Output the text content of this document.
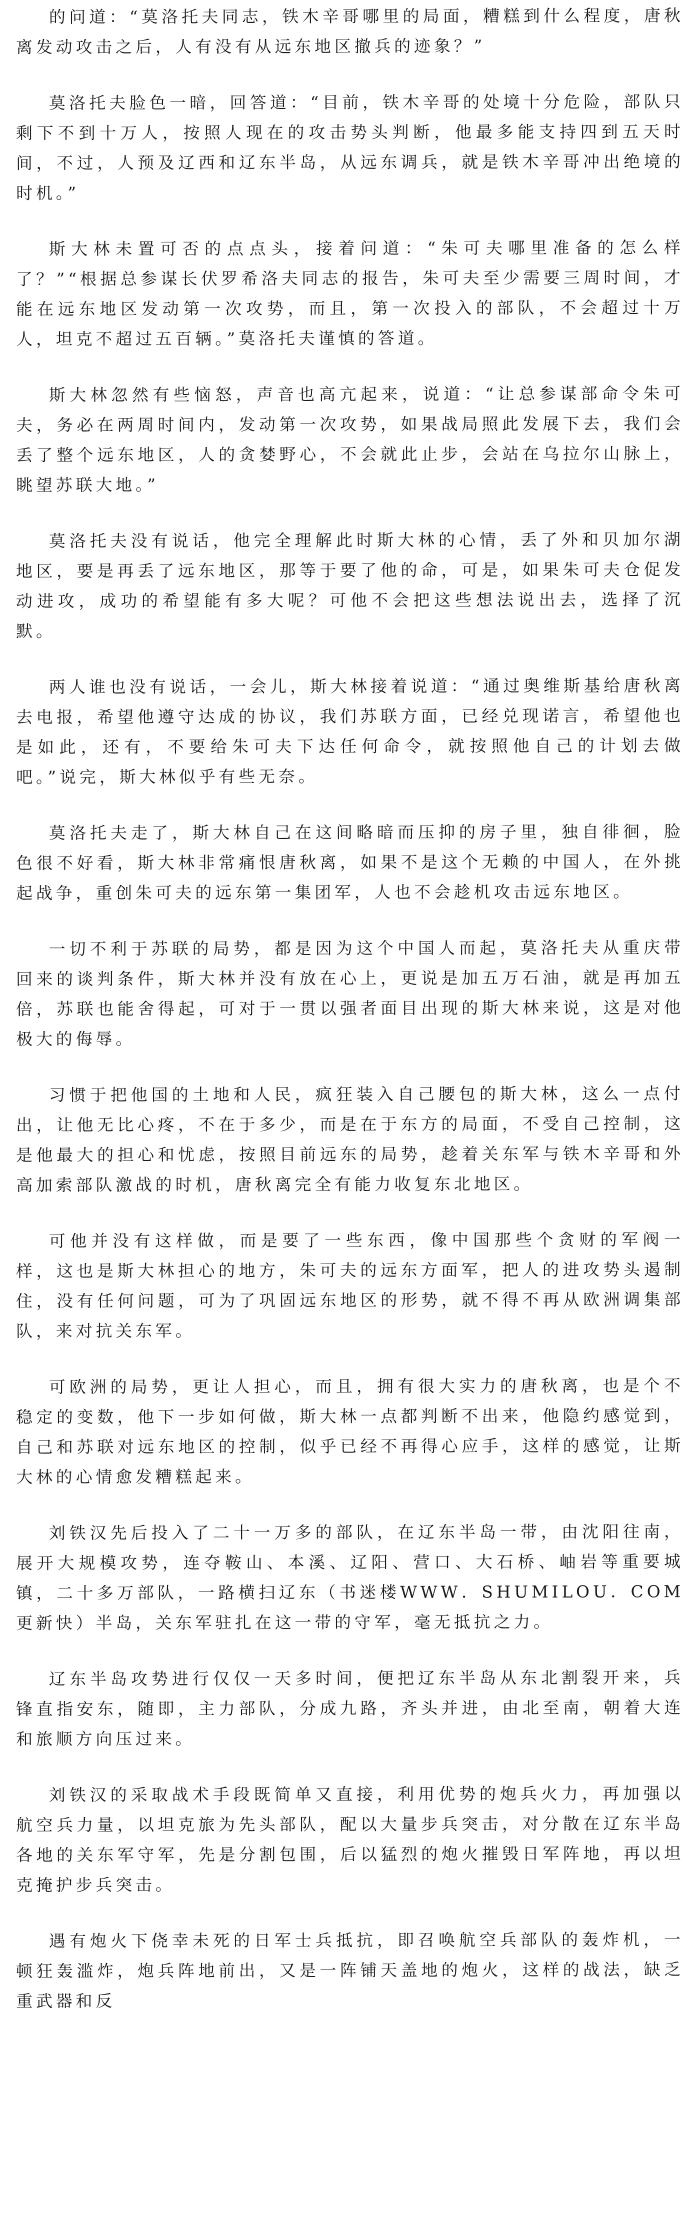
的问道：“莫洛托夫同志，铁木辛哥哪里的局面，糟糕到什么程度，唐秋离发动攻击之后，人有没有从远东地区撤兵的迹象？”

莫洛托夫脸色一暗，回答道：“目前，铁木辛哥的处境十分危险，部队只剩下不到十万人，按照人现在的攻击势头判断，他最多能支持四到五天时间，不过，人预及辽西和辽东半岛，从远东调兵，就是铁木辛哥冲出绝境的时机。”

斯大林未置可否的点点头，接着问道：“朱可夫哪里准备的怎么样了？”“根据总参谋长伏罗希洛夫同志的报告，朱可夫至少需要三周时间，才能在远东地区发动第一次攻势，而且，第一次投入的部队，不会超过十万人，坦克不超过五百辆。”莫洛托夫谨慎的答道。

斯大林忽然有些恼怒，声音也高亢起来，说道：“让总参谋部命令朱可夫，务必在两周时间内，发动第一次攻势，如果战局照此发展下去，我们会丢了整个远东地区，人的贪婪野心，不会就此止步，会站在乌拉尔山脉上，眺望苏联大地。”

莫洛托夫没有说话，他完全理解此时斯大林的心情，丢了外和贝加尔湖地区，要是再丢了远东地区，那等于要了他的命，可是，如果朱可夫仓促发动进攻，成功的希望能有多大呢？可他不会把这些想法说出去，选择了沉默。

两人谁也没有说话，一会儿，斯大林接着说道：“通过奥维斯基给唐秋离去电报，希望他遵守达成的协议，我们苏联方面，已经兑现诺言，希望他也是如此，还有，不要给朱可夫下达任何命令，就按照他自己的计划去做吧。”说完，斯大林似乎有些无奈。

莫洛托夫走了，斯大林自己在这间略暗而压抑的房子里，独自徘徊，脸色很不好看，斯大林非常痛恨唐秋离，如果不是这个无赖的中国人，在外挑起战争，重创朱可夫的远东第一集团军，人也不会趁机攻击远东地区。

一切不利于苏联的局势，都是因为这个中国人而起，莫洛托夫从重庆带回来的谈判条件，斯大林并没有放在心上，更说是加五万石油，就是再加五倍，苏联也能舍得起，可对于一贯以强者面目出现的斯大林来说，这是对他极大的侮辱。

习惯于把他国的土地和人民，疯狂装入自己腰包的斯大林，这么一点付出，让他无比心疼，不在于多少，而是在于东方的局面，不受自己控制，这是他最大的担心和忧虑，按照目前远东的局势，趁着关东军与铁木辛哥和外高加索部队激战的时机，唐秋离完全有能力收复东北地区。

可他并没有这样做，而是要了一些东西，像中国那些个贪财的军阀一样，这也是斯大林担心的地方，朱可夫的远东方面军，把人的进攻势头遏制住，没有任何问题，可为了巩固远东地区的形势，就不得不再从欧洲调集部队，来对抗关东军。

可欧洲的局势，更让人担心，而且，拥有很大实力的唐秋离，也是个不稳定的变数，他下一步如何做，斯大林一点都判断不出来，他隐约感觉到，自己和苏联对远东地区的控制，似乎已经不再得心应手，这样的感觉，让斯大林的心情愈发糟糕起来。

刘铁汉先后投入了二十一万多的部队，在辽东半岛一带，由沈阳往南，展开大规模攻势，连夺鞍山、本溪、辽阳、营口、大石桥、岫岩等重要城镇，二十多万部队，一路横扫辽东（书迷楼WWW．SHUMILOU．COM更新快）半岛，关东军驻扎在这一带的守军，毫无抵抗之力。

辽东半岛攻势进行仅仅一天多时间，便把辽东半岛从东北割裂开来，兵锋直指安东，随即，主力部队，分成九路，齐头并进，由北至南，朝着大连和旅顺方向压过来。

刘铁汉的采取战术手段既简单又直接，利用优势的炮兵火力，再加强以航空兵力量，以坦克旅为先头部队，配以大量步兵突击，对分散在辽东半岛各地的关东军守军，先是分割包围，后以猛烈的炮火摧毁日军阵地，再以坦克掩护步兵突击。

遇有炮火下侥幸未死的日军士兵抵抗，即召唤航空兵部队的轰炸机，一顿狂轰滥炸，炮兵阵地前出，又是一阵铺天盖地的炮火，这样的战法，缺乏重武器和反
